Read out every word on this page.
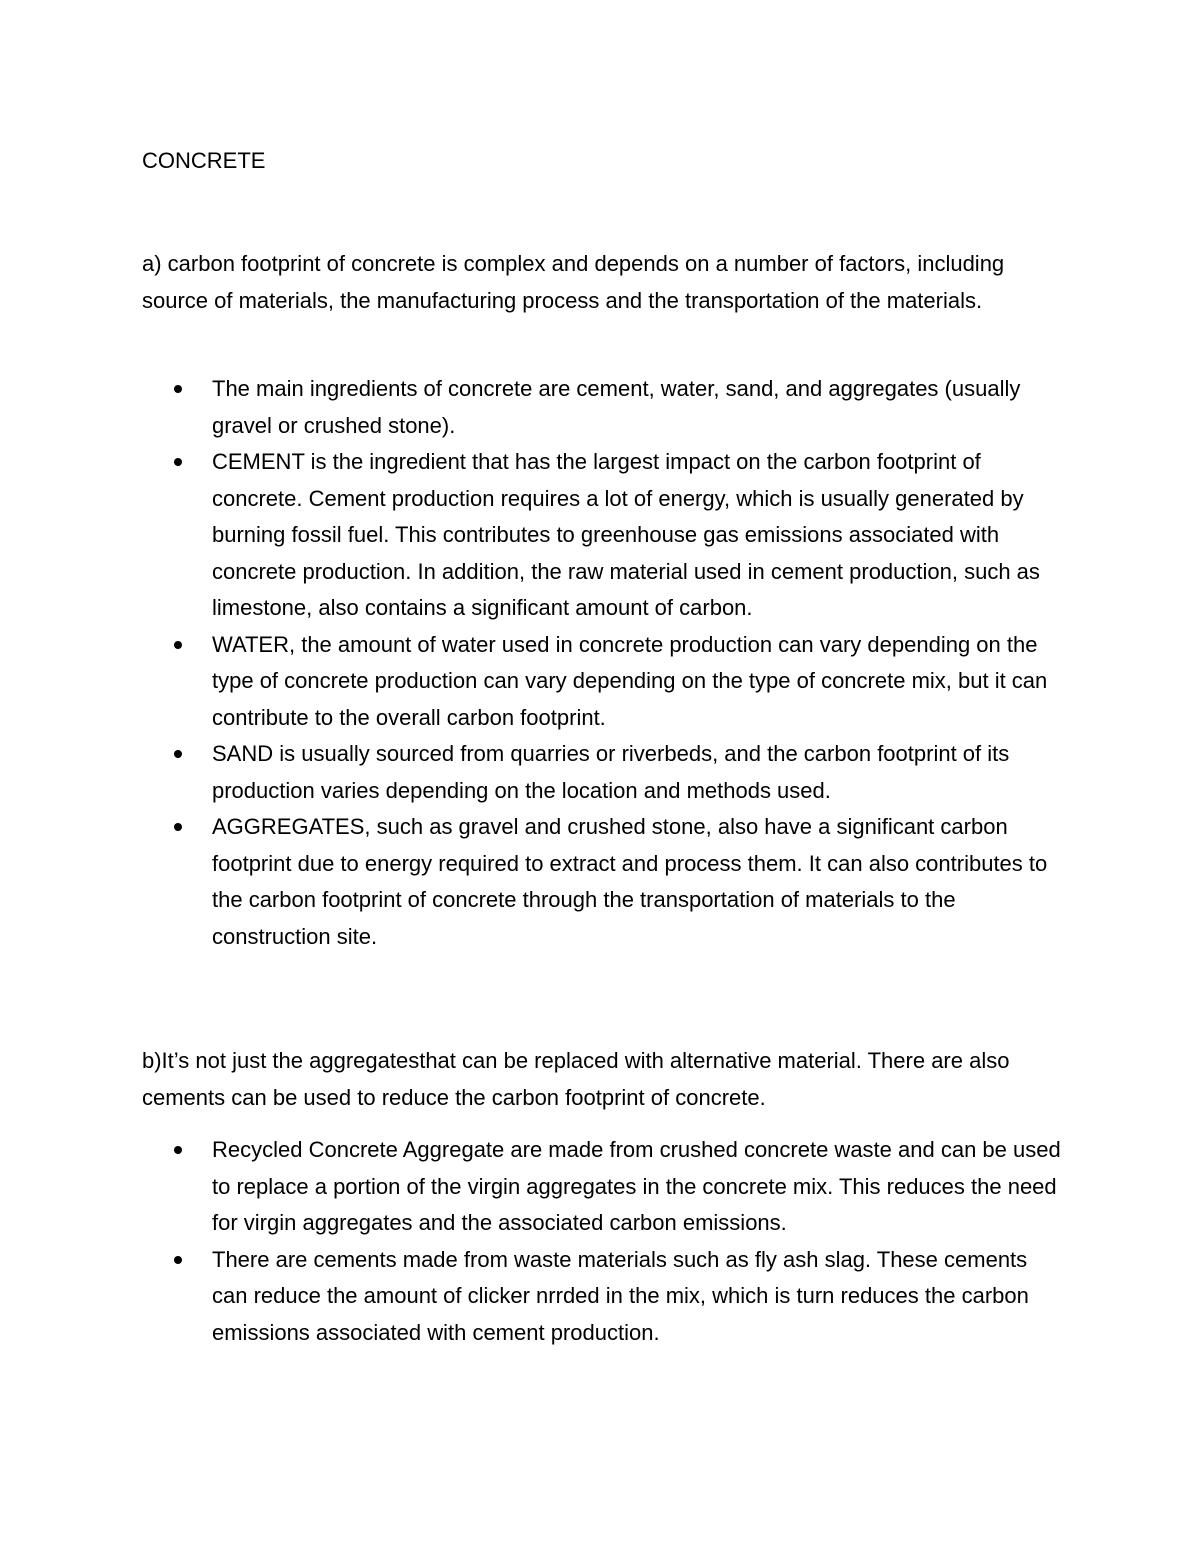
CONCRETE

a) carbon footprint of concrete is complex and depends on a number of factors, including source of materials, the manufacturing process and the transportation of the materials.

The main ingredients of concrete are cement, water, sand, and aggregates (usually gravel or crushed stone).
CEMENT is the ingredient that has the largest impact on the carbon footprint of concrete. Cement production requires a lot of energy, which is usually generated by burning fossil fuel. This contributes to greenhouse gas emissions associated with concrete production. In addition, the raw material used in cement production, such as limestone, also contains a significant amount of carbon.
WATER, the amount of water used in concrete production can vary depending on the type of concrete production can vary depending on the type of concrete mix, but it can contribute to the overall carbon footprint.
SAND is usually sourced from quarries or riverbeds, and the carbon footprint of its production varies depending on the location and methods used.
AGGREGATES, such as gravel and crushed stone, also have a significant carbon footprint due to energy required to extract and process them. It can also contributes to the carbon footprint of concrete through the transportation of materials to the construction site.

b)It’s not just the aggregatesthat can be replaced with alternative material. There are also cements can be used to reduce the carbon footprint of concrete.

Recycled Concrete Aggregate are made from crushed concrete waste and can be used to replace a portion of the virgin aggregates in the concrete mix. This reduces the need for virgin aggregates and the associated carbon emissions.
There are cements made from waste materials such as fly ash slag. These cements can reduce the amount of clicker nrrded in the mix, which is turn reduces the carbon emissions associated with cement production.
